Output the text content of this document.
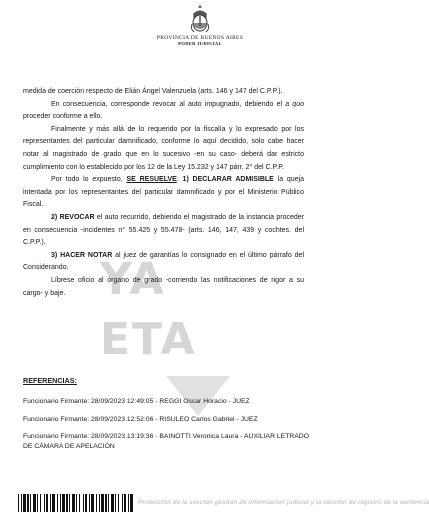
PROVINCIA DE BUENOS AIRES
PODER JUDICIAL
YA
ETA

medida de coerción respecto de Elián Ángel Valenzuela (arts. 146 y 147 del C.P.P.).

En consecuencia, corresponde revocar al auto impugnado, debiendo el a quo proceder conforme a ello.

Finalmente y más allá de lo requerido por la fiscalía y lo expresado por los representantes del particular damnificado, conforme lo aquí decidido, solo cabe hacer notar al magistrado de grado que en lo sucesivo -en su caso- deberá dar estricto cumplimiento con lo establecido por los 12 de la Ley 15.232 y 147 párr. 2° del C.P.P.

Por todo lo expuesto, SE RESUELVE: 1) DECLARAR ADMISIBLE la queja intentada por los representantes del particular damnificado y por el Ministerio Público Fiscal.

2) REVOCAR el auto recurrido, debiendo el magistrado de la instancia proceder en consecuencia -incidentes n° 55.425 y 55.478- (arts. 146, 147, 439 y cochtes. del C.P.P.).

3) HACER NOTAR al juez de garantías lo consignado en el último párrafo del Considerando.

Líbrese oficio al órgano de grado -corriendo las notificaciones de rigor a su cargo- y baje.

REFERENCIAS:
Funcionario Firmante: 28/09/2023 12:49:05 - REGGI Oscar Horacio - JUEZ
Funcionario Firmante: 28/09/2023 12:52:06 - RISULEO Carlos Gabriel - JUEZ
Funcionario Firmante: 28/09/2023 13:19:36 - BAINOTTI Veronica Laura - AUXILIAR LETRADO DE CÁMARA DE APELACIÓN
Protección de la sección gestión de información judicial y la sección de registro de la sentencia
